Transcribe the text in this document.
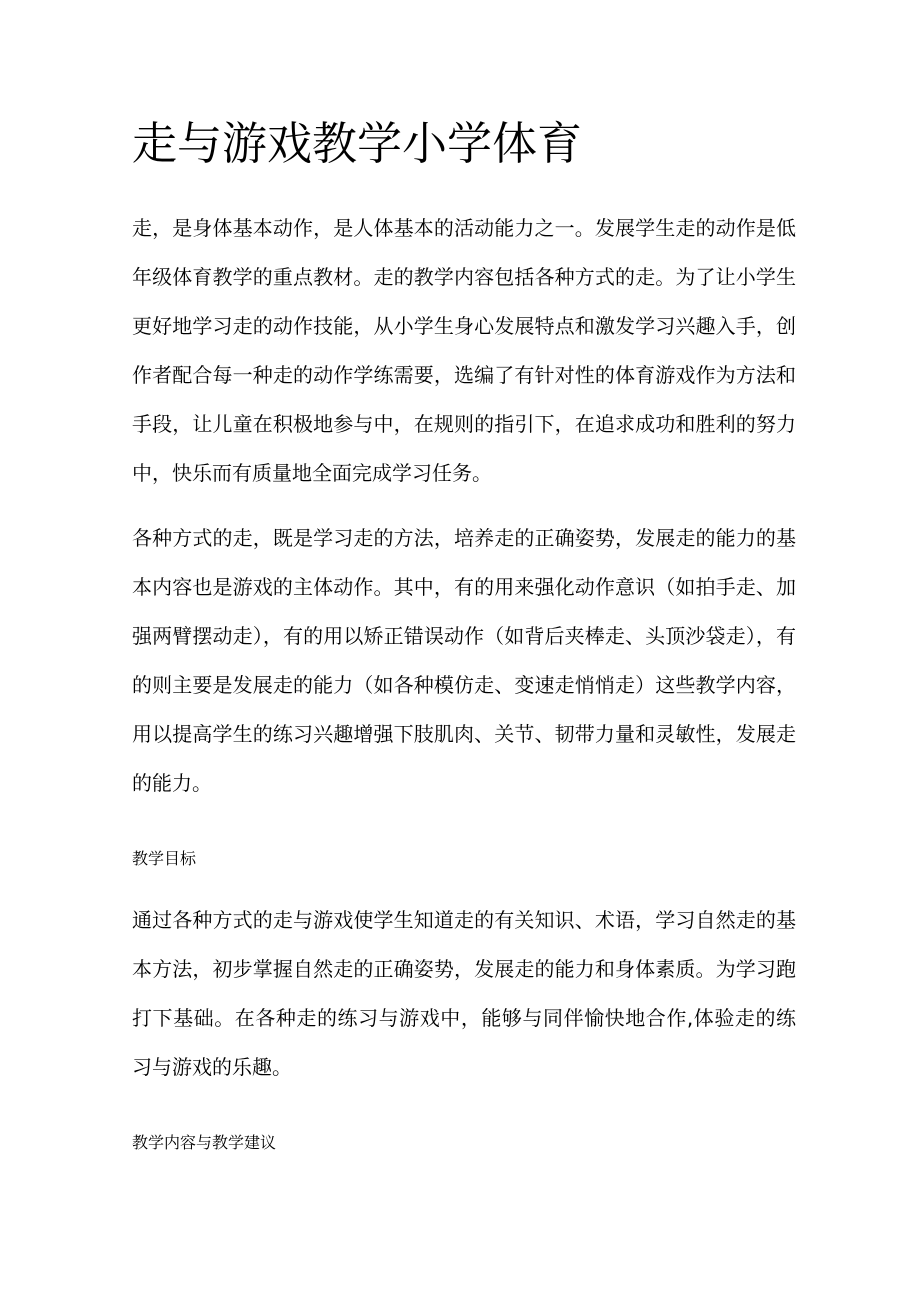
走与游戏教学小学体育

走，是身体基本动作，是人体基本的活动能力之一。发展学生走的动作是低年级体育教学的重点教材。走的教学内容包括各种方式的走。为了让小学生更好地学习走的动作技能，从小学生身心发展特点和激发学习兴趣入手，创作者配合每一种走的动作学练需要，选编了有针对性的体育游戏作为方法和手段，让儿童在积极地参与中，在规则的指引下，在追求成功和胜利的努力中，快乐而有质量地全面完成学习任务。

各种方式的走，既是学习走的方法，培养走的正确姿势，发展走的能力的基本内容也是游戏的主体动作。其中，有的用来强化动作意识（如拍手走、加强两臂摆动走），有的用以矫正错误动作（如背后夹棒走、头顶沙袋走），有的则主要是发展走的能力（如各种模仿走、变速走悄悄走）这些教学内容，用以提高学生的练习兴趣增强下肢肌肉、关节、韧带力量和灵敏性，发展走的能力。

教学目标

通过各种方式的走与游戏使学生知道走的有关知识、术语，学习自然走的基本方法，初步掌握自然走的正确姿势，发展走的能力和身体素质。为学习跑打下基础。在各种走的练习与游戏中，能够与同伴愉快地合作,体验走的练习与游戏的乐趣。

教学内容与教学建议
